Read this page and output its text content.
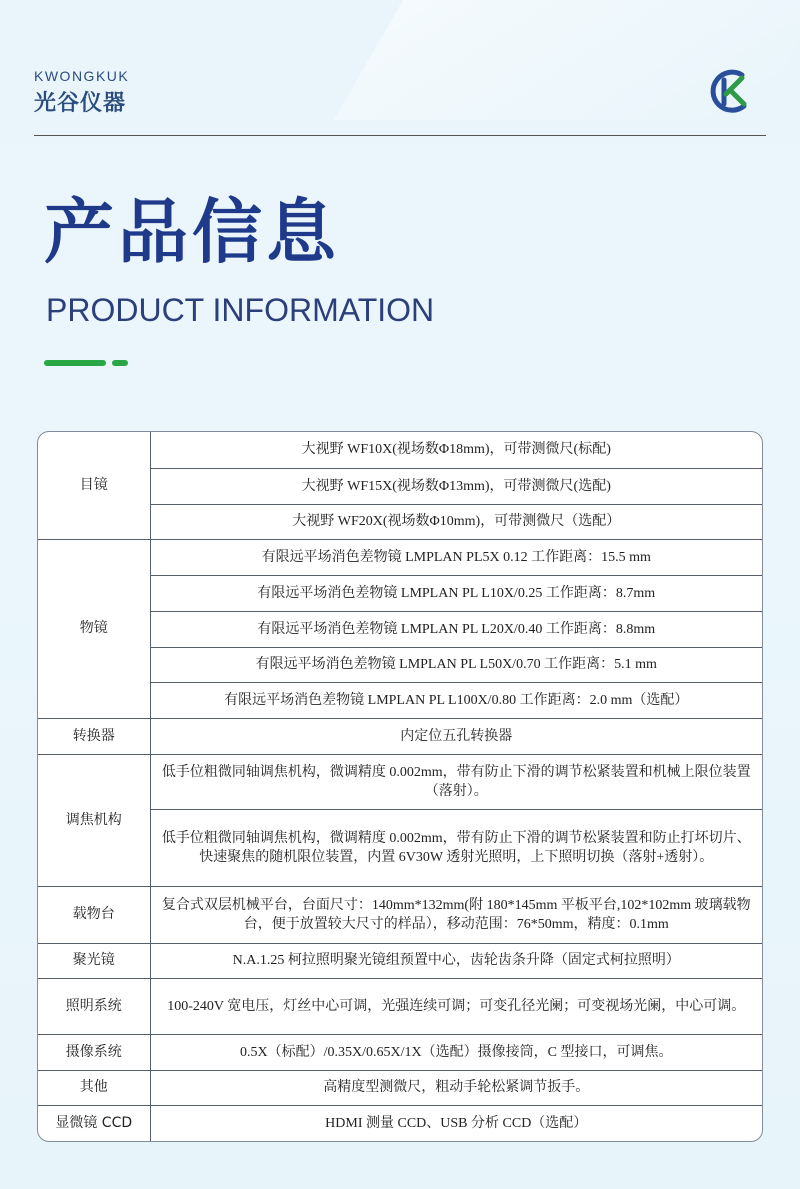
KWONGKUK
光谷仪器
产品信息
PRODUCT INFORMATION
目镜	大视野 WF10X(视场数Φ18mm)，可带测微尺(标配)
	大视野 WF15X(视场数Φ13mm)，可带测微尺(选配)
	大视野 WF20X(视场数Φ10mm)，可带测微尺（选配）
物镜	有限远平场消色差物镜 LMPLAN PL5X 0.12 工作距离：15.5 mm
	有限远平场消色差物镜 LMPLAN PL L10X/0.25 工作距离：8.7mm
	有限远平场消色差物镜 LMPLAN PL L20X/0.40 工作距离：8.8mm
	有限远平场消色差物镜 LMPLAN PL L50X/0.70 工作距离：5.1 mm
	有限远平场消色差物镜 LMPLAN PL L100X/0.80 工作距离：2.0 mm（选配）
转换器	内定位五孔转换器
调焦机构	低手位粗微同轴调焦机构，微调精度 0.002mm，带有防止下滑的调节松紧装置和机械上限位装置（落射）。
	低手位粗微同轴调焦机构，微调精度 0.002mm，带有防止下滑的调节松紧装置和防止打坏切片、快速聚焦的随机限位装置，内置 6V30W 透射光照明，上下照明切换（落射+透射）。
载物台	复合式双层机械平台，台面尺寸：140mm*132mm(附 180*145mm 平板平台,102*102mm 玻璃载物台，便于放置较大尺寸的样品），移动范围：76*50mm，精度：0.1mm
聚光镜	N.A.1.25 柯拉照明聚光镜组预置中心，齿轮齿条升降（固定式柯拉照明）
照明系统	100-240V 宽电压，灯丝中心可调，光强连续可调；可变孔径光阑；可变视场光阑，中心可调。
摄像系统	0.5X（标配）/0.35X/0.65X/1X（选配）摄像接筒，C 型接口，可调焦。
其他	高精度型测微尺，粗动手轮松紧调节扳手。
显微镜 CCD	HDMI 测量 CCD、USB 分析 CCD（选配）
